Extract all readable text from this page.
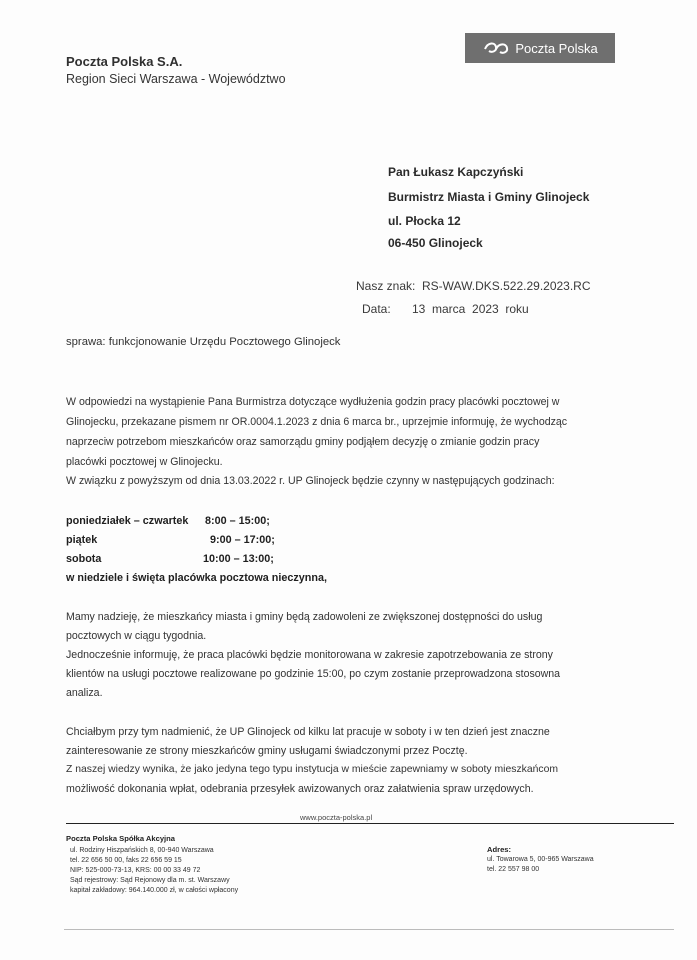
Poczta Polska S.A.
Region Sieci Warszawa - Województwo
Poczta Polska
Pan Łukasz Kapczyński
Burmistrz Miasta i Gminy Glinojeck
ul. Płocka 12
06-450 Glinojeck
Nasz znak: RS-WAW.DKS.522.29.2023.RC
Data: 13  marca  2023  roku
sprawa: funkcjonowanie Urzędu Pocztowego Glinojeck
W odpowiedzi na wystąpienie Pana Burmistrza dotyczące wydłużenia godzin pracy placówki pocztowej w
Glinojecku, przekazane pismem nr OR.0004.1.2023 z dnia 6 marca br., uprzejmie informuję, że wychodząc
naprzeciw potrzebom mieszkańców oraz samorządu gminy podjąłem decyzję o zmianie godzin pracy
placówki pocztowej w Glinojecku.
W związku z powyższym od dnia 13.03.2022 r. UP Glinojeck będzie czynny w następujących godzinach:
poniedziałek – czwartek 8:00 – 15:00;
piątek	9:00 – 17:00;
sobota	10:00 – 13:00;
w niedziele i święta placówka pocztowa nieczynna,
Mamy nadzieję, że mieszkańcy miasta i gminy będą zadowoleni ze zwiększonej dostępności do usług
pocztowych w ciągu tygodnia.
Jednocześnie informuję, że praca placówki będzie monitorowana w zakresie zapotrzebowania ze strony
klientów na usługi pocztowe realizowane po godzinie 15:00, po czym zostanie przeprowadzona stosowna
analiza.
Chciałbym przy tym nadmienić, że UP Glinojeck od kilku lat pracuje w soboty i w ten dzień jest znaczne
zainteresowanie ze strony mieszkańców gminy usługami świadczonymi przez Pocztę.
Z naszej wiedzy wynika, że jako jedyna tego typu instytucja w mieście zapewniamy w soboty mieszkańcom
możliwość dokonania wpłat, odebrania przesyłek awizowanych oraz załatwienia spraw urzędowych.
www.poczta-polska.pl
Poczta Polska Spółka Akcyjna
ul. Rodziny Hiszpańskich 8, 00-940 Warszawa
tel. 22 656 50 00, faks 22 656 59 15
NIP: 525-000-73-13, KRS: 00 00 33 49 72
Sąd rejestrowy: Sąd Rejonowy dla m. st. Warszawy
kapitał zakładowy: 964.140.000 zł, w całości wpłacony
Adres:
ul. Towarowa 5, 00-965 Warszawa
tel. 22 557 98 00
